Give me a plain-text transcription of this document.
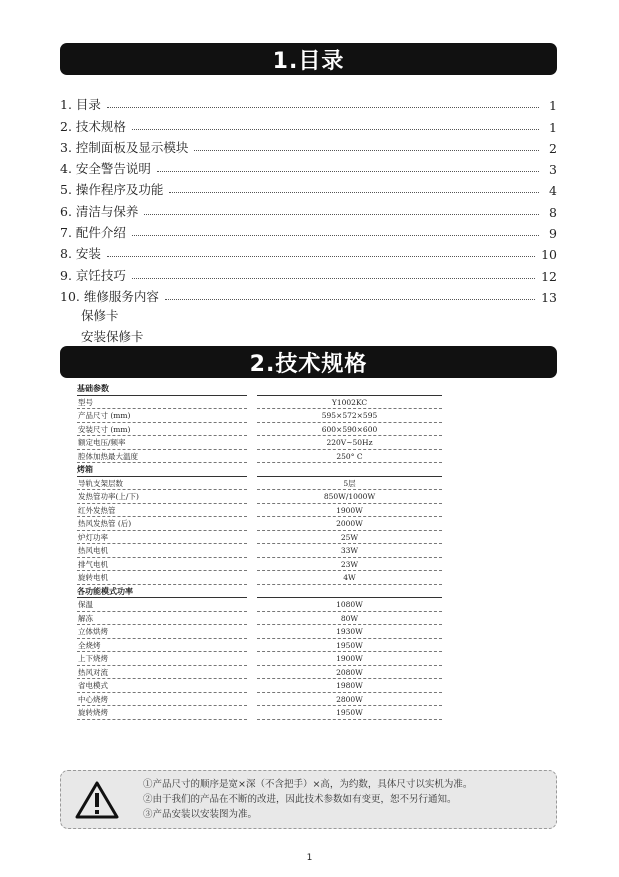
1.目录
1. 目录	1
2. 技术规格	1
3. 控制面板及显示模块	2
4. 安全警告说明	3
5. 操作程序及功能	4
6. 清洁与保养	8
7. 配件介绍	9
8. 安装	10
9. 京饪技巧	12
10. 维修服务内容	13
保修卡
安装保修卡
2.技术规格
基础参数
型号	Y1002KC
产品尺寸 (mm)	595×572×595
安装尺寸 (mm)	600×590×600
额定电压/频率	220V~50Hz
腔体加热最大温度	250° C
烤箱
导轨支架层数	5层
发热管功率(上/下)	850W/1000W
红外发热管	1900W
热风发热管 (后)	2000W
炉灯功率	25W
热风电机	33W
排气电机	23W
旋转电机	4W
各功能模式功率
保温	1080W
解冻	80W
立体烘烤	1930W
全烧烤	1950W
上下烧烤	1900W
热风对流	2080W
省电模式	1980W
中心烧烤	2800W
旋转烧烤	1950W
①产品尺寸的顺序是宽×深（不含把手）×高，为约数，具体尺寸以实机为准。
②由于我们的产品在不断的改进，因此技术参数如有变更，恕不另行通知。
③产品安装以安装图为准。
1
